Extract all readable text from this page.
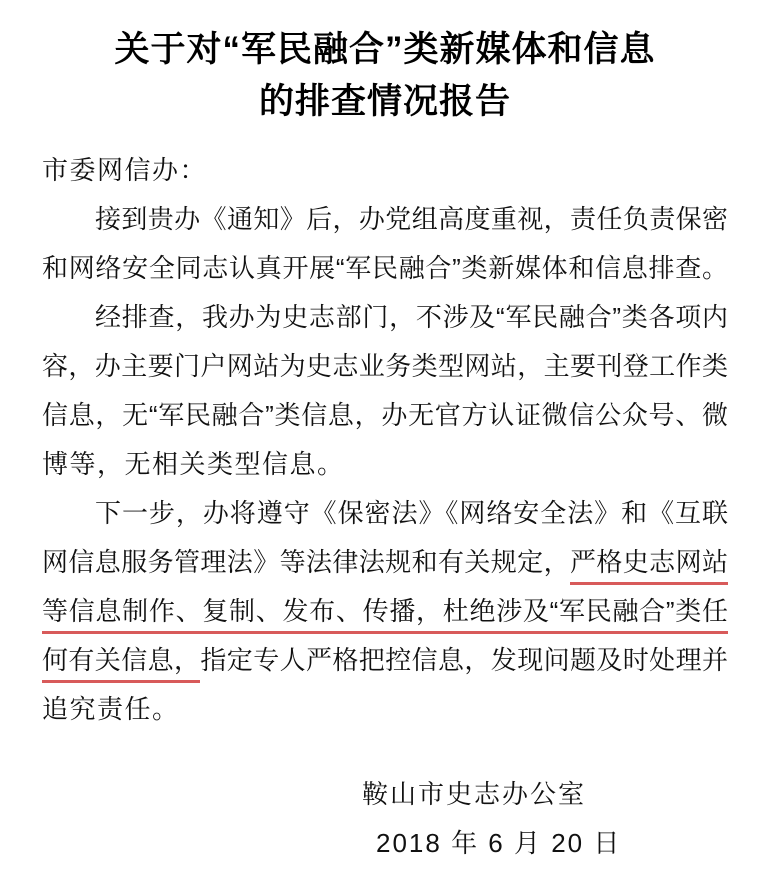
关于对“军民融合”类新媒体和信息
的排查情况报告
市委网信办：
接到贵办《通知》后，办党组高度重视，责任负责保密
和网络安全同志认真开展“军民融合”类新媒体和信息排查。
经排查，我办为史志部门，不涉及“军民融合”类各项内
容，办主要门户网站为史志业务类型网站，主要刊登工作类
信息，无“军民融合”类信息，办无官方认证微信公众号、微
博等，无相关类型信息。
下一步，办将遵守《保密法》《网络安全法》和《互联
网信息服务管理法》等法律法规和有关规定，严格史志网站
等信息制作、复制、发布、传播，杜绝涉及“军民融合”类任
何有关信息，指定专人严格把控信息，发现问题及时处理并
追究责任。
鞍山市史志办公室
2018 年 6 月 20 日
